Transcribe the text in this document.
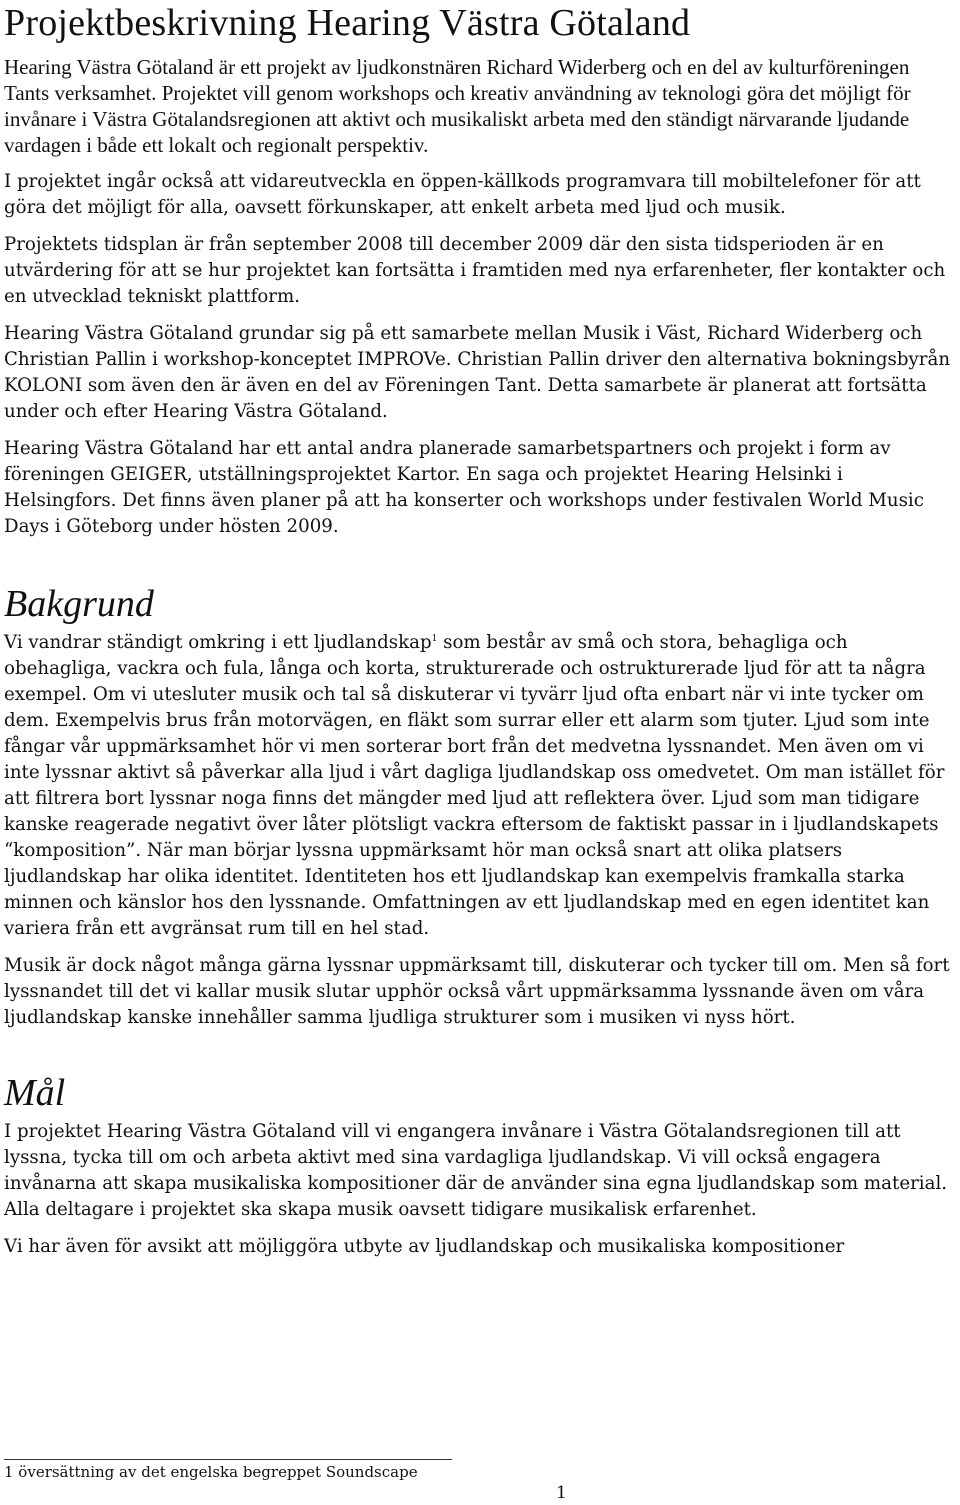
Projektbeskrivning Hearing Västra Götaland

Hearing Västra Götaland är ett projekt av ljudkonstnären Richard Widerberg och en del av kulturföreningen Tants verksamhet. Projektet vill genom workshops och kreativ användning av teknologi göra det möjligt för invånare i Västra Götalandsregionen att aktivt och musikaliskt arbeta med den ständigt närvarande ljudande vardagen i både ett lokalt och regionalt perspektiv.

I projektet ingår också att vidareutveckla en öppen-källkods programvara till mobiltelefoner för att göra det möjligt för alla, oavsett förkunskaper, att enkelt arbeta med ljud och musik.

Projektets tidsplan är från september 2008 till december 2009 där den sista tidsperioden är en utvärdering för att se hur projektet kan fortsätta i framtiden med nya erfarenheter, fler kontakter och en utvecklad tekniskt plattform.

Hearing Västra Götaland grundar sig på ett samarbete mellan Musik i Väst, Richard Widerberg och Christian Pallin i workshop-konceptet IMPROVe. Christian Pallin driver den alternativa bokningsbyrån KOLONI som även den är även en del av Föreningen Tant. Detta samarbete är planerat att fortsätta under och efter Hearing Västra Götaland.

Hearing Västra Götaland har ett antal andra planerade samarbetspartners och projekt i form av föreningen GEIGER, utställningsprojektet Kartor. En saga och projektet Hearing Helsinki i Helsingfors. Det finns även planer på att ha konserter och workshops under festivalen World Music Days i Göteborg under hösten 2009.

Bakgrund

Vi vandrar ständigt omkring i ett ljudlandskap$^1$ som består av små och stora, behagliga och obehagliga, vackra och fula, långa och korta, strukturerade och ostrukturerade ljud för att ta några exempel. Om vi utesluter musik och tal så diskuterar vi tyvärr ljud ofta enbart när vi inte tycker om dem. Exempelvis brus från motorvägen, en fläkt som surrar eller ett alarm som tjuter. Ljud som inte fångar vår uppmärksamhet hör vi men sorterar bort från det medvetna lyssnandet. Men även om vi inte lyssnar aktivt så påverkar alla ljud i vårt dagliga ljudlandskap oss omedvetet. Om man istället för att filtrera bort lyssnar noga finns det mängder med ljud att reflektera över. Ljud som man tidigare kanske reagerade negativt över låter plötsligt vackra eftersom de faktiskt passar in i ljudlandskapets “komposition”. När man börjar lyssna uppmärksamt hör man också snart att olika platsers ljudlandskap har olika identitet. Identiteten hos ett ljudlandskap kan exempelvis framkalla starka minnen och känslor hos den lyssnande. Omfattningen av ett ljudlandskap med en egen identitet kan variera från ett avgränsat rum till en hel stad.

Musik är dock något många gärna lyssnar uppmärksamt till, diskuterar och tycker till om. Men så fort lyssnandet till det vi kallar musik slutar upphör också vårt uppmärksamma lyssnande även om våra ljudlandskap kanske innehåller samma ljudliga strukturer som i musiken vi nyss hört.

Mål

I projektet Hearing Västra Götaland vill vi engangera invånare i Västra Götalandsregionen till att lyssna, tycka till om och arbeta aktivt med sina vardagliga ljudlandskap. Vi vill också engagera invånarna att skapa musikaliska kompositioner där de använder sina egna ljudlandskap som material. Alla deltagare i projektet ska skapa musik oavsett tidigare musikalisk erfarenhet.

Vi har även för avsikt att möjliggöra utbyte av ljudlandskap och musikaliska kompositioner

1 översättning av det engelska begreppet Soundscape
1
